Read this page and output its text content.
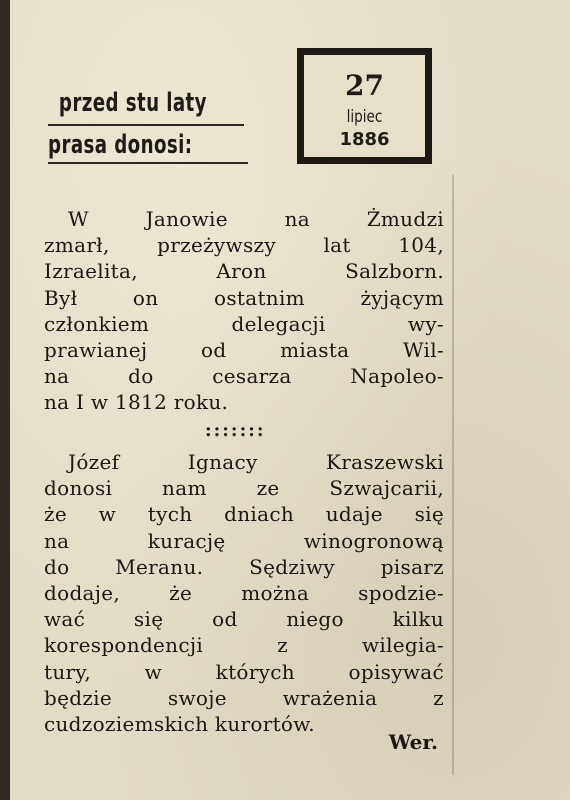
przed stu laty
prasa donosi:
27
lipiec
1886
W Janowie na Żmudzi
zmarł, przeżywszy lat 104,
Izraelita, Aron Salzborn.
Był on ostatnim żyjącym
członkiem delegacji wy-
prawianej od miasta Wil-
na do cesarza Napoleo-
na I w 1812 roku.
:::::::
Józef Ignacy Kraszewski
donosi nam ze Szwajcarii,
że w tych dniach udaje się
na kurację winogronową
do Meranu. Sędziwy pisarz
dodaje, że można spodzie-
wać się od niego kilku
korespondencji z wilegia-
tury, w których opisywać
będzie swoje wrażenia z
cudzoziemskich kurortów.
Wer.
